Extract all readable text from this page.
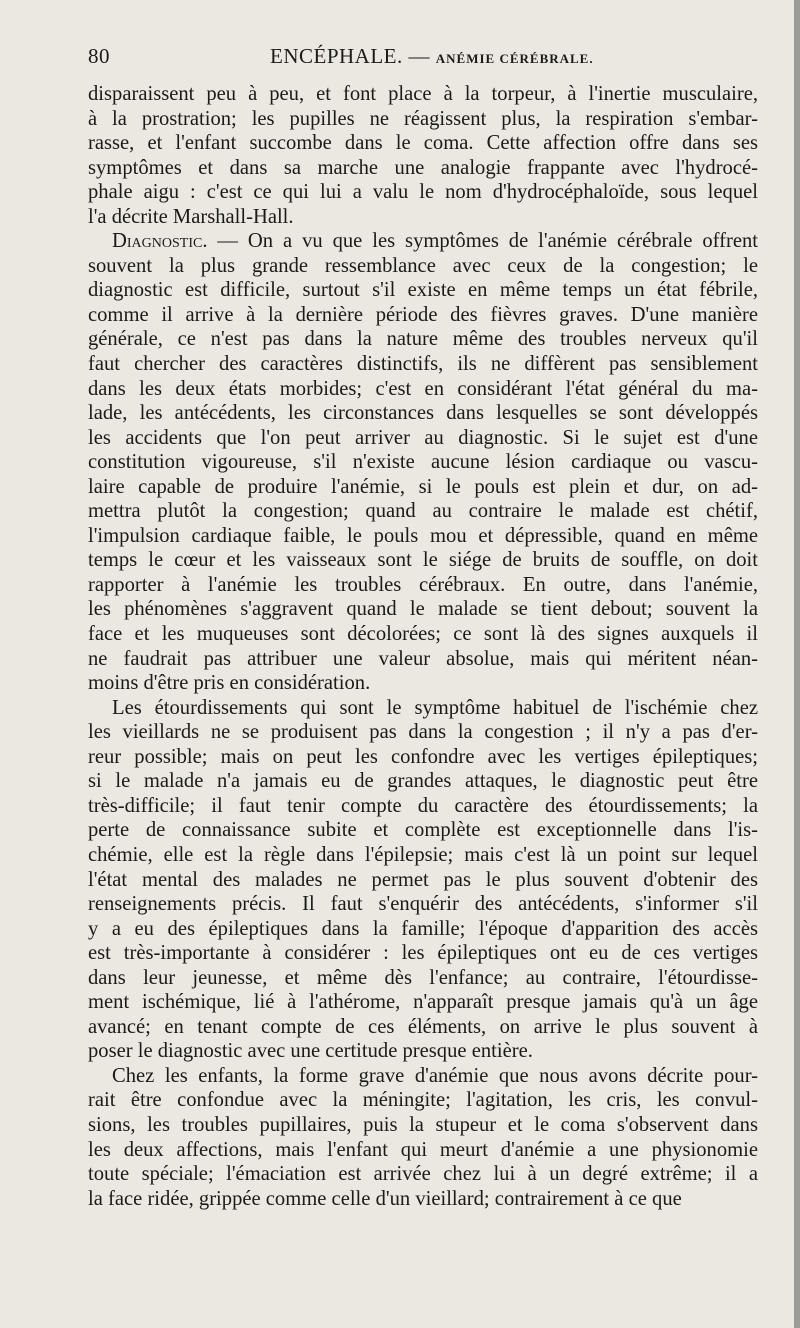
80	ENCÉPHALE. — ANÉMIE CÉRÉBRALE.
disparaissent peu à peu, et font place à la torpeur, à l'inertie musculaire,
à la prostration; les pupilles ne réagissent plus, la respiration s'embar-
rasse, et l'enfant succombe dans le coma. Cette affection offre dans ses
symptômes et dans sa marche une analogie frappante avec l'hydrocé-
phale aigu : c'est ce qui lui a valu le nom d'hydrocéphaloïde, sous lequel
l'a décrite Marshall-Hall.
Diagnostic. — On a vu que les symptômes de l'anémie cérébrale offrent
souvent la plus grande ressemblance avec ceux de la congestion; le
diagnostic est difficile, surtout s'il existe en même temps un état fébrile,
comme il arrive à la dernière période des fièvres graves. D'une manière
générale, ce n'est pas dans la nature même des troubles nerveux qu'il
faut chercher des caractères distinctifs, ils ne diffèrent pas sensiblement
dans les deux états morbides; c'est en considérant l'état général du ma-
lade, les antécédents, les circonstances dans lesquelles se sont développés
les accidents que l'on peut arriver au diagnostic. Si le sujet est d'une
constitution vigoureuse, s'il n'existe aucune lésion cardiaque ou vascu-
laire capable de produire l'anémie, si le pouls est plein et dur, on ad-
mettra plutôt la congestion; quand au contraire le malade est chétif,
l'impulsion cardiaque faible, le pouls mou et dépressible, quand en même
temps le cœur et les vaisseaux sont le siége de bruits de souffle, on doit
rapporter à l'anémie les troubles cérébraux. En outre, dans l'anémie,
les phénomènes s'aggravent quand le malade se tient debout; souvent la
face et les muqueuses sont décolorées; ce sont là des signes auxquels il
ne faudrait pas attribuer une valeur absolue, mais qui méritent néan-
moins d'être pris en considération.
Les étourdissements qui sont le symptôme habituel de l'ischémie chez
les vieillards ne se produisent pas dans la congestion ; il n'y a pas d'er-
reur possible; mais on peut les confondre avec les vertiges épileptiques;
si le malade n'a jamais eu de grandes attaques, le diagnostic peut être
très-difficile; il faut tenir compte du caractère des étourdissements; la
perte de connaissance subite et complète est exceptionnelle dans l'is-
chémie, elle est la règle dans l'épilepsie; mais c'est là un point sur lequel
l'état mental des malades ne permet pas le plus souvent d'obtenir des
renseignements précis. Il faut s'enquérir des antécédents, s'informer s'il
y a eu des épileptiques dans la famille; l'époque d'apparition des accès
est très-importante à considérer : les épileptiques ont eu de ces vertiges
dans leur jeunesse, et même dès l'enfance; au contraire, l'étourdisse-
ment ischémique, lié à l'athérome, n'apparaît presque jamais qu'à un âge
avancé; en tenant compte de ces éléments, on arrive le plus souvent à
poser le diagnostic avec une certitude presque entière.
Chez les enfants, la forme grave d'anémie que nous avons décrite pour-
rait être confondue avec la méningite; l'agitation, les cris, les convul-
sions, les troubles pupillaires, puis la stupeur et le coma s'observent dans
les deux affections, mais l'enfant qui meurt d'anémie a une physionomie
toute spéciale; l'émaciation est arrivée chez lui à un degré extrême; il a
la face ridée, grippée comme celle d'un vieillard; contrairement à ce que
